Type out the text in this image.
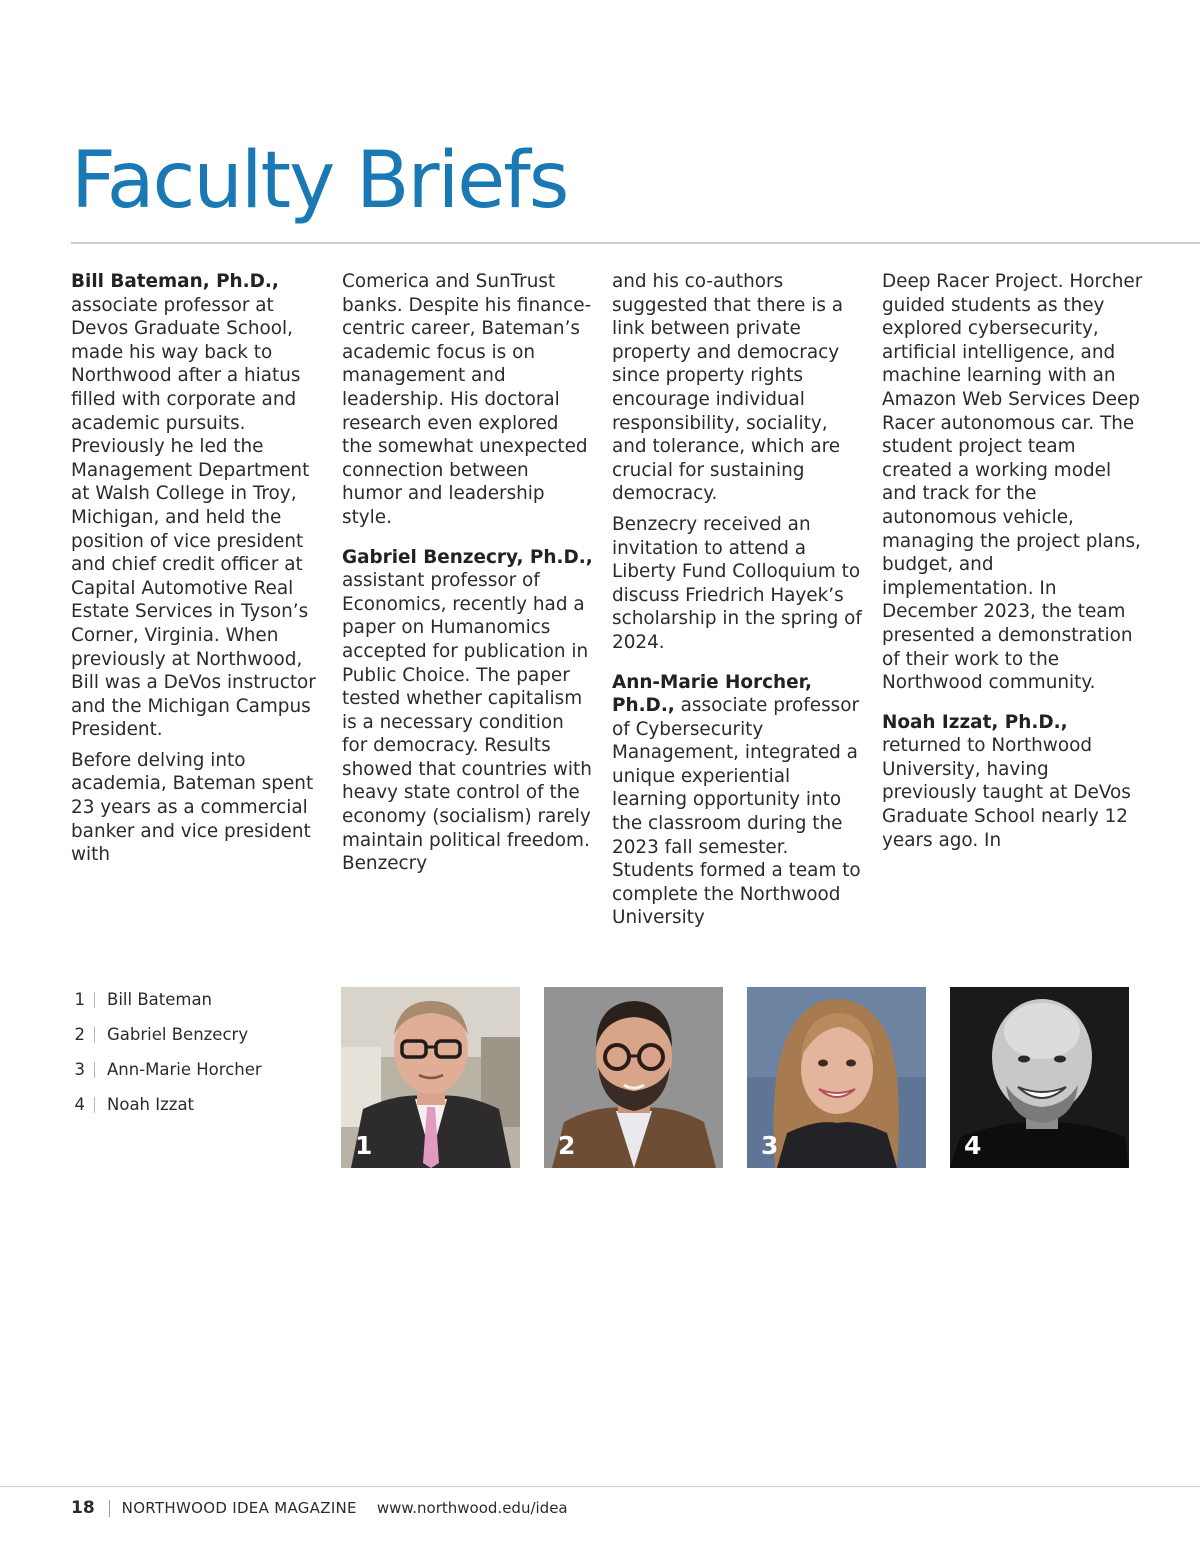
Faculty Briefs

Bill Bateman, Ph.D., associate professor at Devos Graduate School, made his way back to Northwood after a hiatus filled with corporate and academic pursuits. Previously he led the Management Department at Walsh College in Troy, Michigan, and held the position of vice president and chief credit officer at Capital Automotive Real Estate Services in Tyson’s Corner, Virginia. When previously at Northwood, Bill was a DeVos instructor and the Michigan Campus President.

Before delving into academia, Bateman spent 23 years as a commercial banker and vice president with

Comerica and SunTrust banks. Despite his finance-centric career, Bateman’s academic focus is on management and leadership. His doctoral research even explored the somewhat unexpected connection between humor and leadership style.

Gabriel Benzecry, Ph.D., assistant professor of Economics, recently had a paper on Humanomics accepted for publication in Public Choice. The paper tested whether capitalism is a necessary condition for democracy. Results showed that countries with heavy state control of the economy (socialism) rarely maintain political freedom. Benzecry

and his co-authors suggested that there is a link between private property and democracy since property rights encourage individual responsibility, sociality, and tolerance, which are crucial for sustaining democracy.

Benzecry received an invitation to attend a Liberty Fund Colloquium to discuss Friedrich Hayek’s scholarship in the spring of 2024.

Ann-Marie Horcher, Ph.D., associate professor of Cybersecurity Management, integrated a unique experiential learning opportunity into the classroom during the 2023 fall semester. Students formed a team to complete the Northwood University

Deep Racer Project. Horcher guided students as they explored cybersecurity, artificial intelligence, and machine learning with an Amazon Web Services Deep Racer autonomous car. The student project team created a working model and track for the autonomous vehicle, managing the project plans, budget, and implementation. In December 2023, the team presented a demonstration of their work to the Northwood community.

Noah Izzat, Ph.D., returned to Northwood University, having previously taught at DeVos Graduate School nearly 12 years ago. In

1 Bill Bateman
2 Gabriel Benzecry
3 Ann-Marie Horcher
4 Noah Izzat
1	2	3	4
18 NORTHWOOD IDEA MAGAZINE www.northwood.edu/idea
